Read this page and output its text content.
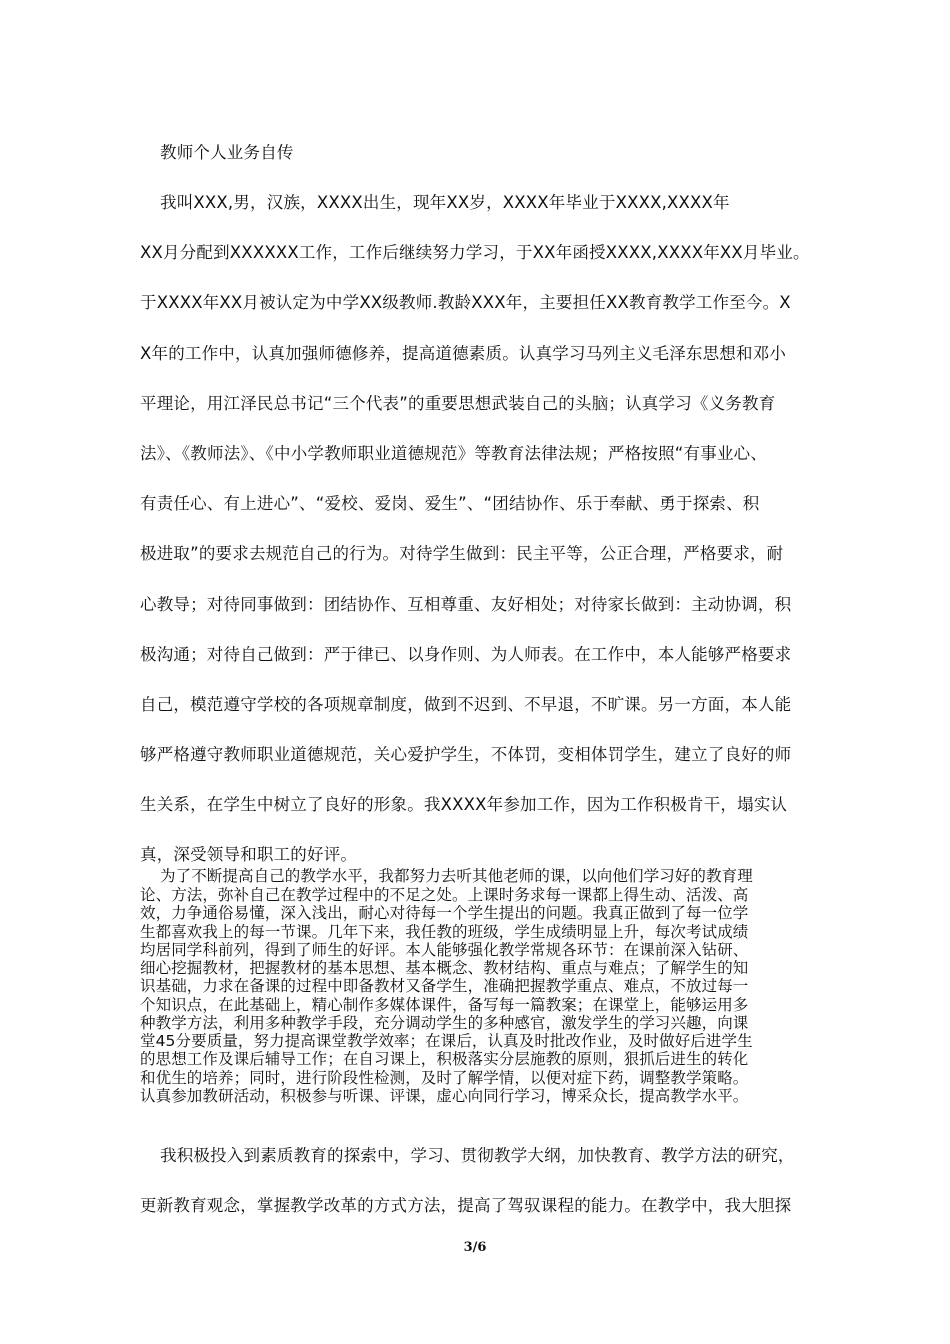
教师个人业务自传
我叫XXX,男，汉族，XXXX出生，现年XX岁，XXXX年毕业于XXXX,XXXX年
XX月分配到XXXXXX工作，工作后继续努力学习，于XX年函授XXXX,XXXX年XX月毕业。
于XXXX年XX月被认定为中学XX级教师.教龄XXX年，主要担任XX教育教学工作至今。X
X年的工作中，认真加强师德修养，提高道德素质。认真学习马列主义毛泽东思想和邓小
平理论，用江泽民总书记“三个代表”的重要思想武装自己的头脑；认真学习《义务教育
法》、《教师法》、《中小学教师职业道德规范》等教育法律法规；严格按照“有事业心、
有责任心、有上进心”、“爱校、爱岗、爱生”、“团结协作、乐于奉献、勇于探索、积
极进取”的要求去规范自己的行为。对待学生做到：民主平等，公正合理，严格要求，耐
心教导；对待同事做到：团结协作、互相尊重、友好相处；对待家长做到：主动协调，积
极沟通；对待自己做到：严于律已、以身作则、为人师表。在工作中，本人能够严格要求
自己，模范遵守学校的各项规章制度，做到不迟到、不早退，不旷课。另一方面，本人能
够严格遵守教师职业道德规范，关心爱护学生，不体罚，变相体罚学生，建立了良好的师
生关系，在学生中树立了良好的形象。我XXXX年参加工作，因为工作积极肯干，塌实认
真，深受领导和职工的好评。
为了不断提高自己的教学水平，我都努力去听其他老师的课，以向他们学习好的教育理
论、方法，弥补自己在教学过程中的不足之处。上课时务求每一课都上得生动、活泼、高
效，力争通俗易懂，深入浅出，耐心对待每一个学生提出的问题。我真正做到了每一位学
生都喜欢我上的每一节课。几年下来，我任教的班级，学生成绩明显上升，每次考试成绩
均居同学科前列，得到了师生的好评。本人能够强化教学常规各环节：在课前深入钻研、
细心挖掘教材，把握教材的基本思想、基本概念、教材结构、重点与难点；了解学生的知
识基础，力求在备课的过程中即备教材又备学生，准确把握教学重点、难点，不放过每一
个知识点，在此基础上，精心制作多媒体课件，备写每一篇教案；在课堂上，能够运用多
种教学方法，利用多种教学手段，充分调动学生的多种感官，激发学生的学习兴趣，向课
堂45分要质量，努力提高课堂教学效率；在课后，认真及时批改作业，及时做好后进学生
的思想工作及课后辅导工作；在自习课上，积极落实分层施教的原则，狠抓后进生的转化
和优生的培养；同时，进行阶段性检测，及时了解学情，以便对症下药，调整教学策略。
认真参加教研活动，积极参与听课、评课，虚心向同行学习，博采众长，提高教学水平。
我积极投入到素质教育的探索中，学习、贯彻教学大纲，加快教育、教学方法的研究，
更新教育观念，掌握教学改革的方式方法，提高了驾驭课程的能力。在教学中，我大胆探
3/6
